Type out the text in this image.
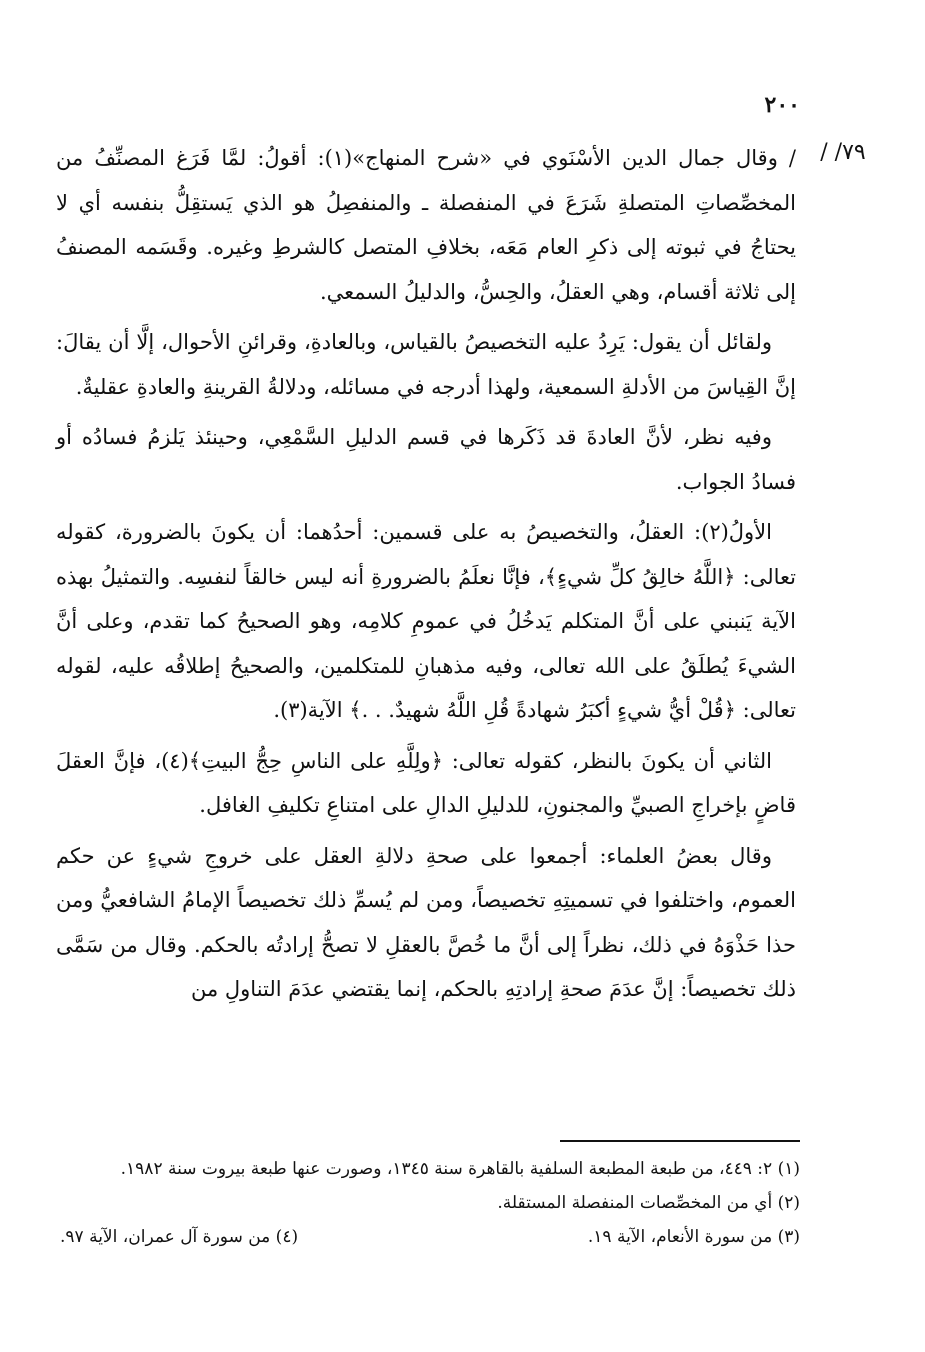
٢٠٠
٧٩/ /

/ وقال جمال الدين الأسْنَوي في «شرح المنهاج»(١): أقولُ: لمَّا فَرَغ المصنِّفُ من المخصِّصاتِ المتصلةِ شَرَعَ في المنفصلة ـ والمنفصِلُ هو الذي يَستقِلُّ بنفسه أي لا يحتاجُ في ثبوته إلى ذكرِ العام مَعَه، بخلافِ المتصل كالشرطِ وغيره. وقَسَمه المصنفُ إلى ثلاثة أقسام، وهي العقلُ، والحِسُّ، والدليلُ السمعي.

ولقائل أن يقول: يَرِدُ عليه التخصيصُ بالقياس، وبالعادةِ، وقرائنِ الأحوال، إلَّا أن يقالَ: إنَّ القِياسَ من الأدلةِ السمعية، ولهذا أدرجه في مسائله، ودلالةُ القرينةِ والعادةِ عقليةٌ.

وفيه نظر، لأنَّ العادةَ قد ذَكَرها في قسم الدليلِ السَّمْعِي، وحينئذ يَلزمُ فسادُه أو فسادُ الجواب.

الأولُ(٢): العقلُ، والتخصيصُ به على قسمين: أحدُهما: أن يكونَ بالضرورة، كقوله تعالى: ﴿اللَّهُ خالِقُ كلِّ شيءٍ﴾، فإنَّا نعلَمُ بالضرورةِ أنه ليس خالقاً لنفسِه. والتمثيلُ بهذه الآية يَنبني على أنَّ المتكلم يَدخُلُ في عمومِ كلامِه، وهو الصحيحُ كما تقدم، وعلى أنَّ الشيءَ يُطلَقُ على الله تعالى، وفيه مذهبانِ للمتكلمين، والصحيحُ إطلاقُه عليه، لقوله تعالى: ﴿قُلْ أيُّ شيءٍ أكبَرُ شهادةً قُلِ اللَّهُ شهيدٌ. . .﴾ الآية(٣).

الثاني أن يكونَ بالنظر، كقوله تعالى: ﴿ولِلَّهِ على الناسِ حِجُّ البيتِ﴾(٤)، فإنَّ العقلَ قاضٍ بإخراجِ الصبيِّ والمجنونِ، للدليلِ الدالِ على امتناعِ تكليفِ الغافل.

وقال بعضُ العلماء: أجمعوا على صحةِ دلالةِ العقل على خروجِ شيءٍ عن حكم العموم، واختلفوا في تسميتِهِ تخصيصاً، ومن لم يُسمِّ ذلك تخصيصاً الإمامُ الشافعيُّ ومن حذا حَذْوَهُ في ذلك، نظراً إلى أنَّ ما خُصَّ بالعقلِ لا تصحُّ إرادتُه بالحكم. وقال من سَمَّى ذلك تخصيصاً: إنَّ عدَمَ صحةِ إرادتِهِ بالحكم، إنما يقتضي عدَمَ التناولِ من

(١) ٢: ٤٤٩، من طبعة المطبعة السلفية بالقاهرة سنة ١٣٤٥، وصورت عنها طبعة بيروت سنة ١٩٨٢.
(٢) أي من المخصِّصات المنفصلة المستقلة.
(٣) من سورة الأنعام، الآية ١٩.
(٤) من سورة آل عمران، الآية ٩٧.
